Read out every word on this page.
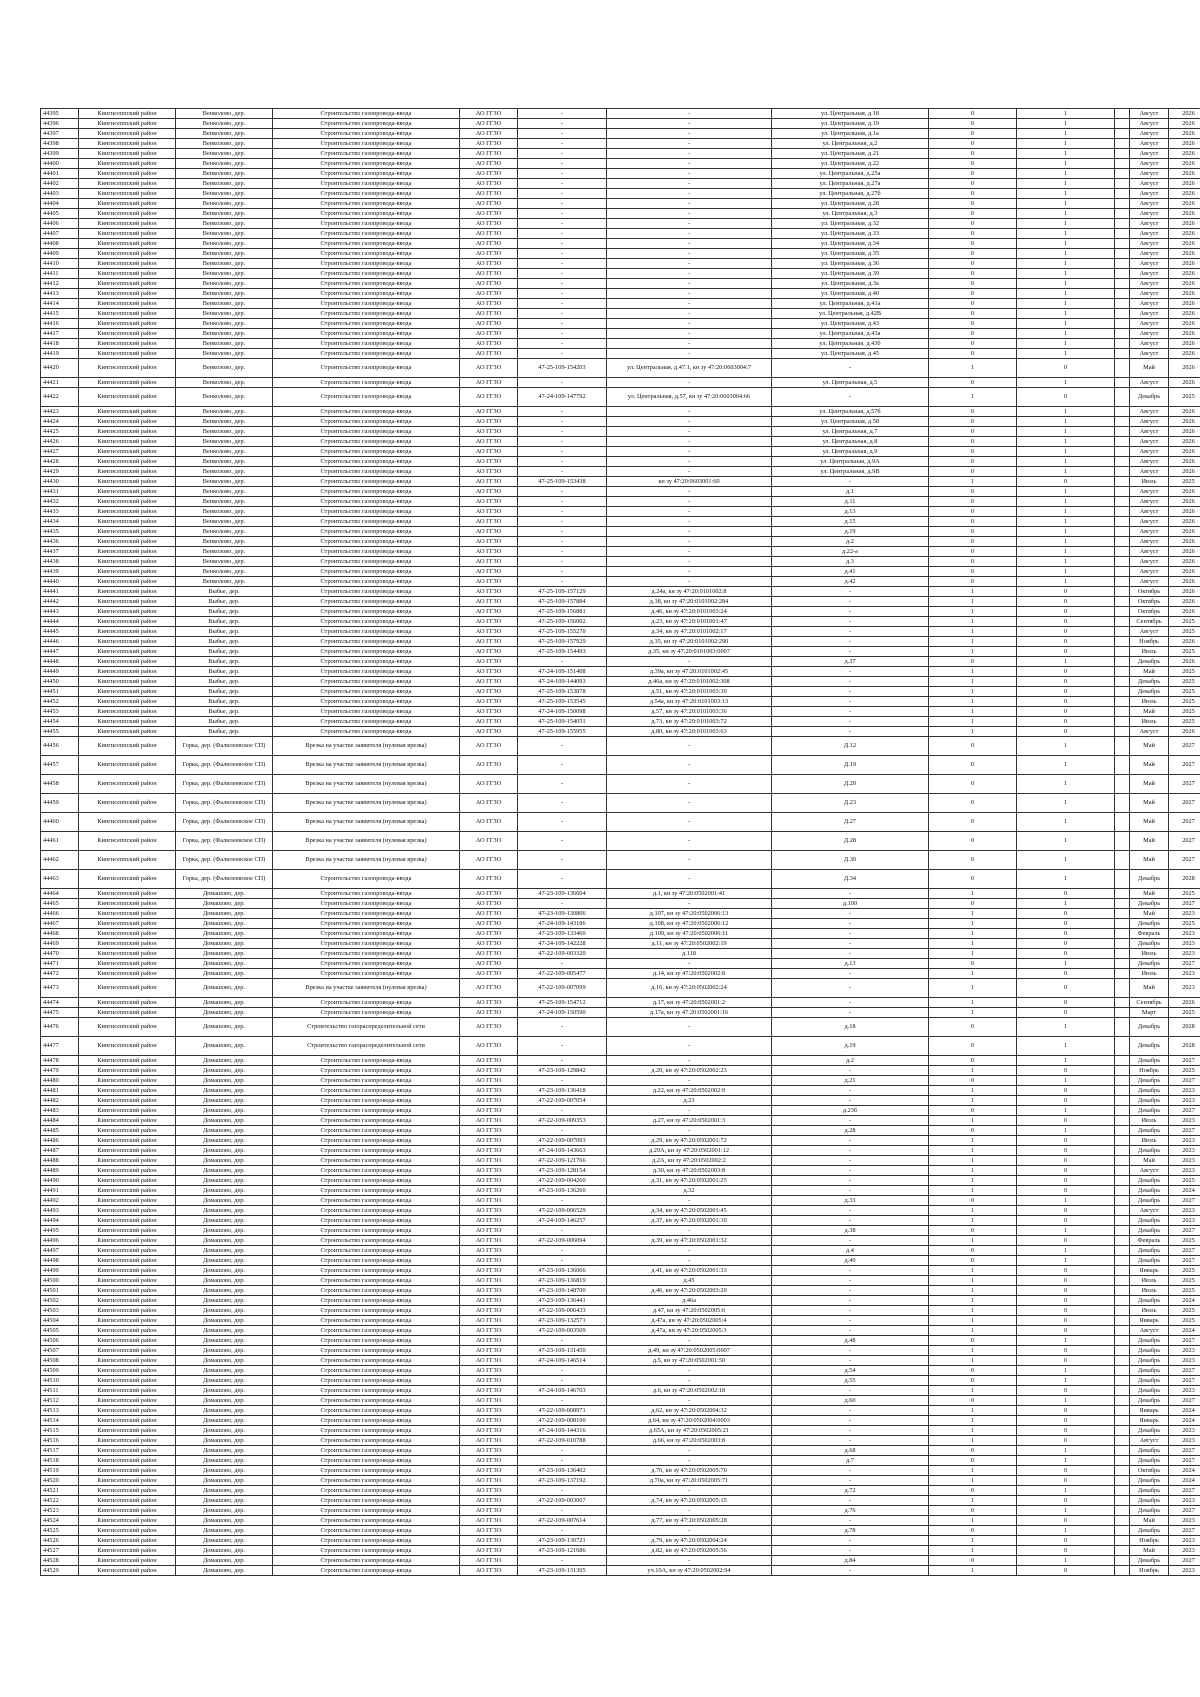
44395	Кингисеппский район	Венколово, дер.	Строительство газопровода-ввода	АО ГГЗО	-	-	ул. Центральная, д.18	0	1		Август	2026
44396	Кингисеппский район	Венколово, дер.	Строительство газопровода-ввода	АО ГГЗО	-	-	ул. Центральная, д.19	0	1		Август	2026
44397	Кингисеппский район	Венколово, дер.	Строительство газопровода-ввода	АО ГГЗО	-	-	ул. Центральная, д.1а	0	1		Август	2026
44398	Кингисеппский район	Венколово, дер.	Строительство газопровода-ввода	АО ГГЗО	-	-	ул. Центральная, д.2	0	1		Август	2026
44399	Кингисеппский район	Венколово, дер.	Строительство газопровода-ввода	АО ГГЗО	-	-	ул. Центральная, д.21	0	1		Август	2026
44400	Кингисеппский район	Венколово, дер.	Строительство газопровода-ввода	АО ГГЗО	-	-	ул. Центральная, д.22	0	1		Август	2026
44401	Кингисеппский район	Венколово, дер.	Строительство газопровода-ввода	АО ГГЗО	-	-	ул. Центральная, д.25а	0	1		Август	2026
44402	Кингисеппский район	Венколово, дер.	Строительство газопровода-ввода	АО ГГЗО	-	-	ул. Центральная, д.27а	0	1		Август	2026
44403	Кингисеппский район	Венколово, дер.	Строительство газопровода-ввода	АО ГГЗО	-	-	ул. Центральная, д.27б	0	1		Август	2026
44404	Кингисеппский район	Венколово, дер.	Строительство газопровода-ввода	АО ГГЗО	-	-	ул. Центральная, д.28	0	1		Август	2026
44405	Кингисеппский район	Венколово, дер.	Строительство газопровода-ввода	АО ГГЗО	-	-	ул. Центральная, д.3	0	1		Август	2026
44406	Кингисеппский район	Венколово, дер.	Строительство газопровода-ввода	АО ГГЗО	-	-	ул. Центральная, д.32	0	1		Август	2026
44407	Кингисеппский район	Венколово, дер.	Строительство газопровода-ввода	АО ГГЗО	-	-	ул. Центральная, д.33	0	1		Август	2026
44408	Кингисеппский район	Венколово, дер.	Строительство газопровода-ввода	АО ГГЗО	-	-	ул. Центральная, д.34	0	1		Август	2026
44409	Кингисеппский район	Венколово, дер.	Строительство газопровода-ввода	АО ГГЗО	-	-	ул. Центральная, д.35	0	1		Август	2026
44410	Кингисеппский район	Венколово, дер.	Строительство газопровода-ввода	АО ГГЗО	-	-	ул. Центральная, д.36	0	1		Август	2026
44411	Кингисеппский район	Венколово, дер.	Строительство газопровода-ввода	АО ГГЗО	-	-	ул. Центральная, д.39	0	1		Август	2026
44412	Кингисеппский район	Венколово, дер.	Строительство газопровода-ввода	АО ГГЗО	-	-	ул. Центральная, д.3а	0	1		Август	2026
44413	Кингисеппский район	Венколово, дер.	Строительство газопровода-ввода	АО ГГЗО	-	-	ул. Центральная, д.40	0	1		Август	2026
44414	Кингисеппский район	Венколово, дер.	Строительство газопровода-ввода	АО ГГЗО	-	-	ул. Центральная, д.41а	0	1		Август	2026
44415	Кингисеппский район	Венколово, дер.	Строительство газопровода-ввода	АО ГГЗО	-	-	ул. Центральная, д.42В	0	1		Август	2026
44416	Кингисеппский район	Венколово, дер.	Строительство газопровода-ввода	АО ГГЗО	-	-	ул. Центральная, д.43	0	1		Август	2026
44417	Кингисеппский район	Венколово, дер.	Строительство газопровода-ввода	АО ГГЗО	-	-	ул. Центральная, д.43а	0	1		Август	2026
44418	Кингисеппский район	Венколово, дер.	Строительство газопровода-ввода	АО ГГЗО	-	-	ул. Центральная, д.43б	0	1		Август	2026
44419	Кингисеппский район	Венколово, дер.	Строительство газопровода-ввода	АО ГГЗО	-	-	ул. Центральная, д.45	0	1		Август	2026
44420	Кингисеппский район	Венколово, дер.	Строительство газопровода-ввода	АО ГГЗО	47-25-109-154203	ул. Центральная, д.47.1, кн зу 47:20:0603004:7	-	1	0		Май	2026
44421	Кингисеппский район	Венколово, дер.	Строительство газопровода-ввода	АО ГГЗО	-	-	ул. Центральная, д.5	0	1		Август	2026
44422	Кингисеппский район	Венколово, дер.	Строительство газопровода-ввода	АО ГГЗО	47-24-109-147792	ул. Центральная, д.57, кн зу 47:20:0603004:66	-	1	0		Декабрь	2025
44423	Кингисеппский район	Венколово, дер.	Строительство газопровода-ввода	АО ГГЗО	-	-	ул. Центральная, д.57б	0	1		Август	2026
44424	Кингисеппский район	Венколово, дер.	Строительство газопровода-ввода	АО ГГЗО	-	-	ул. Центральная, д.58	0	1		Август	2026
44425	Кингисеппский район	Венколово, дер.	Строительство газопровода-ввода	АО ГГЗО	-	-	ул. Центральная, д.7	0	1		Август	2026
44426	Кингисеппский район	Венколово, дер.	Строительство газопровода-ввода	АО ГГЗО	-	-	ул. Центральная, д.8	0	1		Август	2026
44427	Кингисеппский район	Венколово, дер.	Строительство газопровода-ввода	АО ГГЗО	-	-	ул. Центральная, д.9	0	1		Август	2026
44428	Кингисеппский район	Венколово, дер.	Строительство газопровода-ввода	АО ГГЗО	-	-	ул. Центральная, д.9А	0	1		Август	2026
44429	Кингисеппский район	Венколово, дер.	Строительство газопровода-ввода	АО ГГЗО	-	-	ул. Центральная, д.9В	0	1		Август	2026
44430	Кингисеппский район	Венколово, дер.	Строительство газопровода-ввода	АО ГГЗО	47-25-109-153438	кн зу 47:20:0603001:60	-	1	0		Июль	2025
44431	Кингисеппский район	Венколово, дер.	Строительство газопровода-ввода	АО ГГЗО	-	-	д.1	0	1		Август	2026
44432	Кингисеппский район	Венколово, дер.	Строительство газопровода-ввода	АО ГГЗО	-	-	д.11	0	1		Август	2026
44433	Кингисеппский район	Венколово, дер.	Строительство газопровода-ввода	АО ГГЗО	-	-	д.13	0	1		Август	2026
44434	Кингисеппский район	Венколово, дер.	Строительство газопровода-ввода	АО ГГЗО	-	-	д.15	0	1		Август	2026
44435	Кингисеппский район	Венколово, дер.	Строительство газопровода-ввода	АО ГГЗО	-	-	д.19	0	1		Август	2026
44436	Кингисеппский район	Венколово, дер.	Строительство газопровода-ввода	АО ГГЗО	-	-	д.2	0	1		Август	2026
44437	Кингисеппский район	Венколово, дер.	Строительство газопровода-ввода	АО ГГЗО	-	-	д.22-а	0	1		Август	2026
44438	Кингисеппский район	Венколово, дер.	Строительство газопровода-ввода	АО ГГЗО	-	-	д.3	0	1		Август	2026
44439	Кингисеппский район	Венколово, дер.	Строительство газопровода-ввода	АО ГГЗО	-	-	д.41	0	1		Август	2026
44440	Кингисеппский район	Венколово, дер.	Строительство газопровода-ввода	АО ГГЗО	-	-	д.42	0	1		Август	2026
44441	Кингисеппский район	Выбье, дер.	Строительство газопровода-ввода	АО ГГЗО	47-25-109-157129	д.24а, кн зу 47:20:0101002:8	-	1	0		Октябрь	2026
44442	Кингисеппский район	Выбье, дер.	Строительство газопровода-ввода	АО ГГЗО	47-25-109-157884	д.38, кн зу 47:20:0101002:284	-	1	0		Октябрь	2026
44443	Кингисеппский район	Выбье, дер.	Строительство газопровода-ввода	АО ГГЗО	47-25-109-156881	д.46, кн зу 47:20:0101003:24	-	1	0		Октябрь	2026
44444	Кингисеппский район	Выбье, дер.	Строительство газопровода-ввода	АО ГГЗО	47-25-109-156002	д.23, кн зу 47:20:0101001:47	-	1	0		Сентябрь	2025
44445	Кингисеппский район	Выбье, дер.	Строительство газопровода-ввода	АО ГГЗО	47-25-109-155270	д.34, кн зу 47:20:0101002:17	-	1	0		Август	2025
44446	Кингисеппский район	Выбье, дер.	Строительство газопровода-ввода	АО ГГЗО	47-25-109-157929	д.35, кн зу 47:20:0101002:290	-	1	0		Ноябрь	2026
44447	Кингисеппский район	Выбье, дер.	Строительство газопровода-ввода	АО ГГЗО	47-25-109-154493	д.35, кн зу 47:20:0101003:0007	-	1	0		Июль	2025
44448	Кингисеппский район	Выбье, дер.	Строительство газопровода-ввода	АО ГГЗО	-	-	д.37	0	1		Декабрь	2026
44449	Кингисеппский район	Выбье, дер.	Строительство газопровода-ввода	АО ГГЗО	47-24-109-151408	д.39а, кн зу 47:20:0101002:45	-	1	0		Май	2025
44450	Кингисеппский район	Выбье, дер.	Строительство газопровода-ввода	АО ГГЗО	47-24-109-144093	д.46а, кн зу 47:20:0101002:308	-	1	0		Декабрь	2025
44451	Кингисеппский район	Выбье, дер.	Строительство газопровода-ввода	АО ГГЗО	47-25-109-153878	д.51, кн зу 47:20:0101003:30	-	1	0		Декабрь	2025
44452	Кингисеппский район	Выбье, дер.	Строительство газопровода-ввода	АО ГГЗО	47-25-109-153545	д.54а, кн зу 47:20:0101003:13	-	1	0		Июль	2025
44453	Кингисеппский район	Выбье, дер.	Строительство газопровода-ввода	АО ГГЗО	47-24-109-150098	д.57, кн зу 47:20:0101003:36	-	1	0		Май	2025
44454	Кингисеппский район	Выбье, дер.	Строительство газопровода-ввода	АО ГГЗО	47-25-109-154051	д.73, кн зу 47:20:0101003:72	-	1	0		Июль	2025
44455	Кингисеппский район	Выбье, дер.	Строительство газопровода-ввода	АО ГГЗО	47-25-109-155955	д.80, кн зу 47:20:0101003:63	-	1	0		Август	2026
44456	Кингисеппский район	Горка, дер. (Фалилеевское СП)	Врезка на участке заявителя (нулевая врезка)	АО ГГЗО	-	-	Д.12	0	1		Май	2027
44457	Кингисеппский район	Горка, дер. (Фалилеевское СП)	Врезка на участке заявителя (нулевая врезка)	АО ГГЗО	-	-	Д.19	0	1		Май	2027
44458	Кингисеппский район	Горка, дер. (Фалилеевское СП)	Врезка на участке заявителя (нулевая врезка)	АО ГГЗО	-	-	Д.20	0	1		Май	2027
44459	Кингисеппский район	Горка, дер. (Фалилеевское СП)	Врезка на участке заявителя (нулевая врезка)	АО ГГЗО	-	-	Д.23	0	1		Май	2027
44460	Кингисеппский район	Горка, дер. (Фалилеевское СП)	Врезка на участке заявителя (нулевая врезка)	АО ГГЗО	-	-	Д.27	0	1		Май	2027
44461	Кингисеппский район	Горка, дер. (Фалилеевское СП)	Врезка на участке заявителя (нулевая врезка)	АО ГГЗО	-	-	Д.28	0	1		Май	2027
44462	Кингисеппский район	Горка, дер. (Фалилеевское СП)	Врезка на участке заявителя (нулевая врезка)	АО ГГЗО	-	-	Д.30	0	1		Май	2027
44463	Кингисеппский район	Горка, дер. (Фалилеевское СП)	Строительство газопровода-ввода	АО ГГЗО	-	-	Д.34	0	1		Декабрь	2028
44464	Кингисеппский район	Домашово, дер.	Строительство газопровода-ввода	АО ГГЗО	47-23-109-136604	д.1, кн зу 47:20:0502001:41	-	1	0		Май	2025
44465	Кингисеппский район	Домашово, дер.	Строительство газопровода-ввода	АО ГГЗО	-	-	д.100	0	1		Декабрь	2027
44466	Кингисеппский район	Домашово, дер.	Строительство газопровода-ввода	АО ГГЗО	47-23-109-130806	д.107, кн зу 47:20:0502006:13	-	1	0		Май	2023
44467	Кингисеппский район	Домашово, дер.	Строительство газопровода-ввода	АО ГГЗО	47-24-109-143186	д.108, кн зу 47:20:0502006:12	-	1	0		Декабрь	2025
44468	Кингисеппский район	Домашово, дер.	Строительство газопровода-ввода	АО ГГЗО	47-23-109-133460	д.109, кн зу 47:20:0502006:11	-	1	0		Февраль	2023
44469	Кингисеппский район	Домашово, дер.	Строительство газопровода-ввода	АО ГГЗО	47-24-109-142228	д.11, кн зу 47:20:0502002:19	-	1	0		Декабрь	2023
44470	Кингисеппский район	Домашово, дер.	Строительство газопровода-ввода	АО ГГЗО	47-22-109-003320	д.118	-	1	0		Июль	2023
44471	Кингисеппский район	Домашово, дер.	Строительство газопровода-ввода	АО ГГЗО	-	-	д.13	0	1		Декабрь	2027
44472	Кингисеппский район	Домашово, дер.	Строительство газопровода-ввода	АО ГГЗО	47-22-109-005477	д.14, кн зу 47:20:0502002:8	-	1	0		Июль	2023
44473	Кингисеппский район	Домашово, дер.	Врезка на участке заявителя (нулевая врезка)	АО ГГЗО	47-22-109-007099	д.16, кн зу 47:20:0502002:24	-	1	0		Май	2023
44474	Кингисеппский район	Домашово, дер.	Строительство газопровода-ввода	АО ГГЗО	47-25-109-154712	д.17, кн зу 47:20:0502001:2	-	1	0		Сентябрь	2026
44475	Кингисеппский район	Домашово, дер.	Строительство газопровода-ввода	АО ГГЗО	47-24-109-150590	д.17а, кн зу 47:20:0502001:16	-	1	0		Март	2025
44476	Кингисеппский район	Домашово, дер.	Строительство газораспределительной сети	АО ГГЗО	-	-	д.18	0	1		Декабрь	2028
44477	Кингисеппский район	Домашово, дер.	Строительство газораспределительной сети	АО ГГЗО	-	-	д.19	0	1		Декабрь	2028
44478	Кингисеппский район	Домашово, дер.	Строительство газопровода-ввода	АО ГГЗО	-	-	д.2	0	1		Декабрь	2027
44479	Кингисеппский район	Домашово, дер.	Строительство газопровода-ввода	АО ГГЗО	47-23-109-129842	д.20, кн зу 47:20:0502002:23	-	1	0		Ноябрь	2025
44480	Кингисеппский район	Домашово, дер.	Строительство газопровода-ввода	АО ГГЗО	-	-	д.21	0	1		Декабрь	2027
44481	Кингисеппский район	Домашово, дер.	Строительство газопровода-ввода	АО ГГЗО	47-23-109-136418	д.22, кн зу 47:20:0502002:9	-	1	0		Декабрь	2023
44482	Кингисеппский район	Домашово, дер.	Строительство газопровода-ввода	АО ГГЗО	47-22-109-007054	д.23	-	1	0		Декабрь	2023
44483	Кингисеппский район	Домашово, дер.	Строительство газопровода-ввода	АО ГГЗО	-	-	д.23б	0	1		Декабрь	2027
44484	Кингисеппский район	Домашово, дер.	Строительство газопровода-ввода	АО ГГЗО	47-22-109-009353	д.27, кн зу 47:20:0502001:3	-	1	0		Июль	2023
44485	Кингисеппский район	Домашово, дер.	Строительство газопровода-ввода	АО ГГЗО	-	-	д.28	0	1		Декабрь	2027
44486	Кингисеппский район	Домашово, дер.	Строительство газопровода-ввода	АО ГГЗО	47-22-109-007093	д.29, кн зу 47:20:0502001:72	-	1	0		Июль	2023
44487	Кингисеппский район	Домашово, дер.	Строительство газопровода-ввода	АО ГГЗО	47-24-109-143663	д.29А, кн зу 47:20:0502001:12	-	1	0		Декабрь	2023
44488	Кингисеппский район	Домашово, дер.	Строительство газопровода-ввода	АО ГГЗО	47-22-109-121766	д.2А, кн зу 47:20:0502002:2	-	1	0		Май	2023
44489	Кингисеппский район	Домашово, дер.	Строительство газопровода-ввода	АО ГГЗО	47-23-109-128154	д.30, кн зу 47:20:0502003:8	-	1	0		Август	2023
44490	Кингисеппский район	Домашово, дер.	Строительство газопровода-ввода	АО ГГЗО	47-22-109-004260	д.31, кн зу 47:20:0502001:25	-	1	0		Декабрь	2025
44491	Кингисеппский район	Домашово, дер.	Строительство газопровода-ввода	АО ГГЗО	47-23-109-136260	д.32	-	1	0		Декабрь	2024
44492	Кингисеппский район	Домашово, дер.	Строительство газопровода-ввода	АО ГГЗО	-	-	д.33	0	1		Декабрь	2027
44493	Кингисеппский район	Домашово, дер.	Строительство газопровода-ввода	АО ГГЗО	47-22-109-006529	д.34, кн зу 47:20:0502001:45	-	1	0		Август	2023
44494	Кингисеппский район	Домашово, дер.	Строительство газопровода-ввода	АО ГГЗО	47-24-109-146257	д.37, кн зу 47:20:0502001:30	-	1	0		Декабрь	2023
44495	Кингисеппский район	Домашово, дер.	Строительство газопровода-ввода	АО ГГЗО	-	-	д.38	0	1		Декабрь	2027
44496	Кингисеппский район	Домашово, дер.	Строительство газопровода-ввода	АО ГГЗО	47-22-109-006094	д.39, кн зу 47:20:0502001:32	-	1	0		Февраль	2025
44497	Кингисеппский район	Домашово, дер.	Строительство газопровода-ввода	АО ГГЗО	-	-	д.4	0	1		Декабрь	2027
44498	Кингисеппский район	Домашово, дер.	Строительство газопровода-ввода	АО ГГЗО	-	-	д.40	0	1		Декабрь	2027
44499	Кингисеппский район	Домашово, дер.	Строительство газопровода-ввода	АО ГГЗО	47-23-109-136066	д.41, кн зу 47:20:0502001:33	-	1	0		Январь	2025
44500	Кингисеппский район	Домашово, дер.	Строительство газопровода-ввода	АО ГГЗО	47-23-109-136819	д.45	-	1	0		Июль	2025
44501	Кингисеппский район	Домашово, дер.	Строительство газопровода-ввода	АО ГГЗО	47-23-109-148700	д.46, кн зу 47:20:0502003:20	-	1	0		Июль	2025
44502	Кингисеппский район	Домашово, дер.	Строительство газопровода-ввода	АО ГГЗО	47-23-109-136441	д.46а	-	1	0		Декабрь	2024
44503	Кингисеппский район	Домашово, дер.	Строительство газопровода-ввода	АО ГГЗО	47-22-109-006433	д.47, кн зу 47:20:0502005:6	-	1	0		Июль	2025
44504	Кингисеппский район	Домашово, дер.	Строительство газопровода-ввода	АО ГГЗО	47-23-109-132571	д.47а, кн зу 47:20:0502005:4	-	1	0		Январь	2025
44505	Кингисеппский район	Домашово, дер.	Строительство газопровода-ввода	АО ГГЗО	47-22-109-003509	д.47а, кн зу 47:20:0502005:3	-	1	0		Август	2024
44506	Кингисеппский район	Домашово, дер.	Строительство газопровода-ввода	АО ГГЗО	-	-	д.48	0	1		Декабрь	2027
44507	Кингисеппский район	Домашово, дер.	Строительство газопровода-ввода	АО ГГЗО	47-23-109-131450	д.49, кн зу 47:20:0502005:0007	-	1	0		Декабрь	2023
44508	Кингисеппский район	Домашово, дер.	Строительство газопровода-ввода	АО ГГЗО	47-24-109-146514	д.5, кн зу 47:20:0502001:50	-	1	0		Декабрь	2023
44509	Кингисеппский район	Домашово, дер.	Строительство газопровода-ввода	АО ГГЗО	-	-	д.54	0	1		Декабрь	2027
44510	Кингисеппский район	Домашово, дер.	Строительство газопровода-ввода	АО ГГЗО	-	-	д.55	0	1		Декабрь	2027
44511	Кингисеппский район	Домашово, дер.	Строительство газопровода-ввода	АО ГГЗО	47-24-109-146703	д.6, кн зу 47:20:0502002:18	-	1	0		Декабрь	2023
44512	Кингисеппский район	Домашово, дер.	Строительство газопровода-ввода	АО ГГЗО	-	-	д.60	0	1		Декабрь	2027
44513	Кингисеппский район	Домашово, дер.	Строительство газопровода-ввода	АО ГГЗО	47-22-109-008971	д.62, кн зу 47:20:0502004:32	-	1	0		Январь	2024
44514	Кингисеппский район	Домашово, дер.	Строительство газопровода-ввода	АО ГГЗО	47-22-109-008190	д.64, кн зу 47:20:0502004:0003	-	1	0		Январь	2024
44515	Кингисеппский район	Домашово, дер.	Строительство газопровода-ввода	АО ГГЗО	47-24-109-144316	д.65А, кн зу 47:20:0502005:21	-	1	0		Декабрь	2023
44516	Кингисеппский район	Домашово, дер.	Строительство газопровода-ввода	АО ГГЗО	47-22-109-010788	д.66, кн зу 47:20:0502003:8	-	1	0		Август	2023
44517	Кингисеппский район	Домашово, дер.	Строительство газопровода-ввода	АО ГГЗО	-	-	д.68	0	1		Декабрь	2027
44518	Кингисеппский район	Домашово, дер.	Строительство газопровода-ввода	АО ГГЗО	-	-	д.7	0	1		Декабрь	2027
44519	Кингисеппский район	Домашово, дер.	Строительство газопровода-ввода	АО ГГЗО	47-23-109-136402	д.70, кн зу 47:20:0502005:70	-	1	0		Октябрь	2024
44520	Кингисеппский район	Домашово, дер.	Строительство газопровода-ввода	АО ГГЗО	47-23-109-137192	д.70а, кн зу 47:20:0502005:71	-	1	0		Декабрь	2024
44521	Кингисеппский район	Домашово, дер.	Строительство газопровода-ввода	АО ГГЗО	-	-	д.72	0	1		Декабрь	2027
44522	Кингисеппский район	Домашово, дер.	Строительство газопровода-ввода	АО ГГЗО	47-22-109-003067	д.74, кн зу 47:20:0502005:15	-	1	0		Декабрь	2023
44523	Кингисеппский район	Домашово, дер.	Строительство газопровода-ввода	АО ГГЗО	-	-	д.76	0	1		Декабрь	2027
44524	Кингисеппский район	Домашово, дер.	Строительство газопровода-ввода	АО ГГЗО	47-22-109-007614	д.77, кн зу 47:20:0502005:28	-	1	0		Май	2023
44525	Кингисеппский район	Домашово, дер.	Строительство газопровода-ввода	АО ГГЗО	-	-	д.78	0	1		Декабрь	2027
44526	Кингисеппский район	Домашово, дер.	Строительство газопровода-ввода	АО ГГЗО	47-23-109-130721	д.79, кн зу 47:20:0502004:24	-	1	0		Ноябрь	2023
44527	Кингисеппский район	Домашово, дер.	Строительство газопровода-ввода	АО ГГЗО	47-23-109-121686	д.82, кн зу 47:20:0502005:56	-	1	0		Май	2023
44528	Кингисеппский район	Домашово, дер.	Строительство газопровода-ввода	АО ГГЗО	-	-	д.84	0	1		Декабрь	2027
44529	Кингисеппский район	Домашово, дер.	Строительство газопровода-ввода	АО ГГЗО	47-23-109-131305	уч.10А, кн зу 47:20:0502002:94	-	1	0		Ноябрь	2023
